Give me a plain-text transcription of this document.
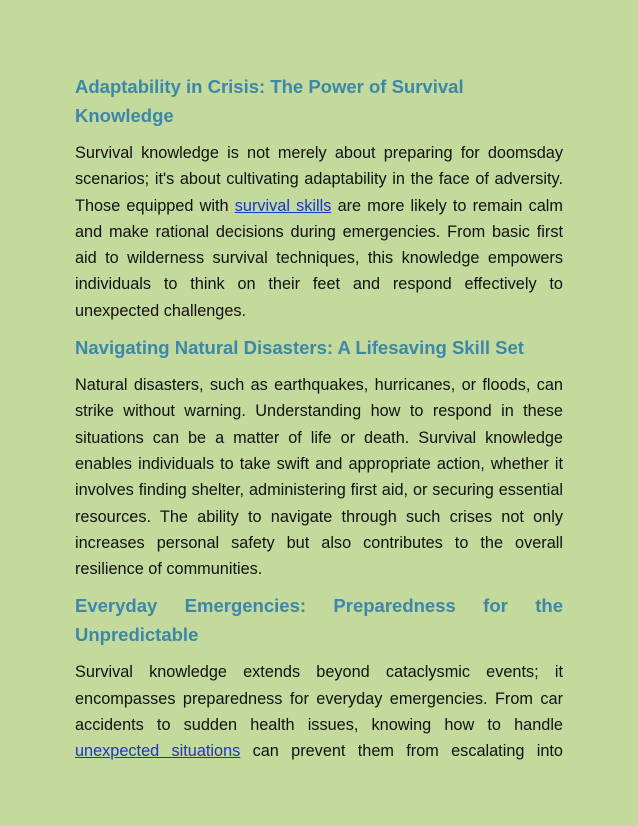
Adaptability in Crisis: The Power of Survival Knowledge

Survival knowledge is not merely about preparing for doomsday scenarios; it's about cultivating adaptability in the face of adversity. Those equipped with survival skills are more likely to remain calm and make rational decisions during emergencies. From basic first aid to wilderness survival techniques, this knowledge empowers individuals to think on their feet and respond effectively to unexpected challenges.

Navigating Natural Disasters: A Lifesaving Skill Set

Natural disasters, such as earthquakes, hurricanes, or floods, can strike without warning. Understanding how to respond in these situations can be a matter of life or death. Survival knowledge enables individuals to take swift and appropriate action, whether it involves finding shelter, administering first aid, or securing essential resources. The ability to navigate through such crises not only increases personal safety but also contributes to the overall resilience of communities.

Everyday Emergencies: Preparedness for the
Unpredictable

Survival knowledge extends beyond cataclysmic events; it encompasses preparedness for everyday emergencies. From car accidents to sudden health issues, knowing how to handle unexpected situations can prevent them from escalating into
